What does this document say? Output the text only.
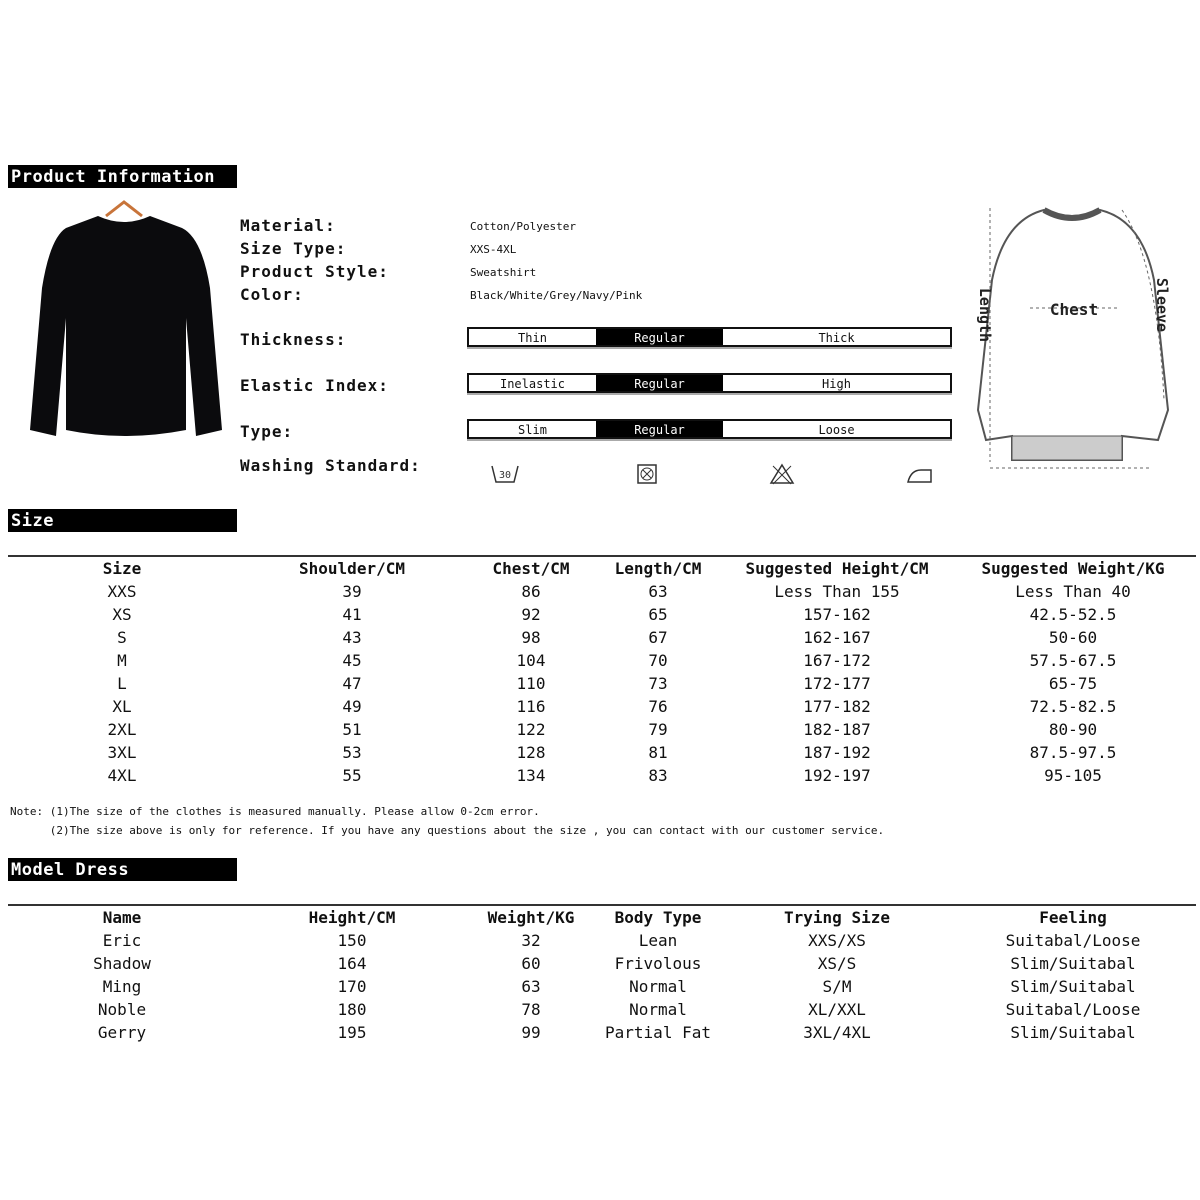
Product Information
Material:	Cotton/Polyester
Size Type:	XXS-4XL
Product Style:	Sweatshirt
Color:	Black/White/Grey/Navy/Pink
Thickness:	Thin	Regular	Thick
Elastic Index:	Inelastic	Regular	High
Type:	Slim	Regular	Loose
Washing Standard:
30
Chest
Length	Sleeve
Size
Size	Shoulder/CM	Chest/CM	Length/CM	Suggested Height/CM	Suggested Weight/KG
XXS	39	86	63	Less Than 155	Less Than 40
XS	41	92	65	157-162	42.5-52.5
S	43	98	67	162-167	50-60
M	45	104	70	167-172	57.5-67.5
L	47	110	73	172-177	65-75
XL	49	116	76	177-182	72.5-82.5
2XL	51	122	79	182-187	80-90
3XL	53	128	81	187-192	87.5-97.5
4XL	55	134	83	192-197	95-105
Note: (1)The size of the clothes is measured manually. Please allow 0-2cm error.
(2)The size above is only for reference. If you have any questions about the size , you can contact with our customer service.
Model Dress
Name	Height/CM	Weight/KG	Body Type	Trying Size	Feeling
Eric	150	32	Lean	XXS/XS	Suitabal/Loose
Shadow	164	60	Frivolous	XS/S	Slim/Suitabal
Ming	170	63	Normal	S/M	Slim/Suitabal
Noble	180	78	Normal	XL/XXL	Suitabal/Loose
Gerry	195	99	Partial Fat	3XL/4XL	Slim/Suitabal
